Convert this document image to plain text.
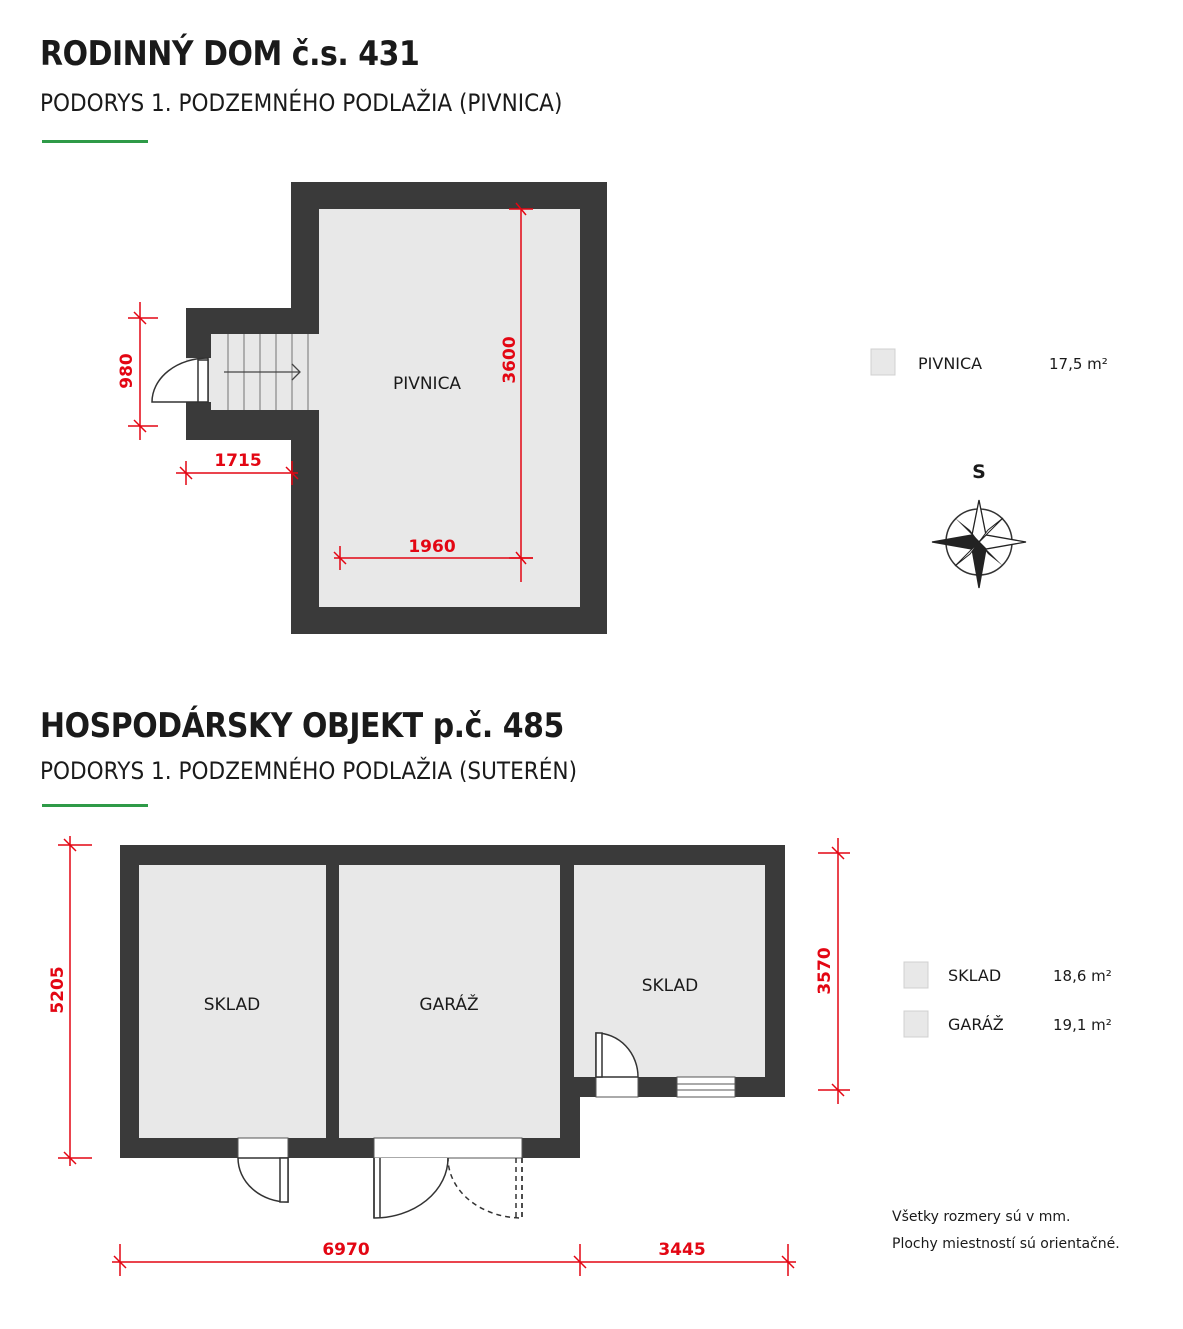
RODINNÝ DOM č.s. 431
PODORYS 1. PODZEMNÉHO PODLAŽIA (PIVNICA)
HOSPODÁRSKY OBJEKT p.č. 485
PODORYS 1. PODZEMNÉHO PODLAŽIA (SUTERÉN)
3600
1960
980
1715
PIVNICA
PIVNICA	17,5 m²
S
SKLAD	GARÁŽ
SKLAD
5205	3570
6970	3445
SKLAD	18,6 m²
GARÁŽ	19,1 m²
Všetky rozmery sú v mm.
Plochy miestností sú orientačné.
